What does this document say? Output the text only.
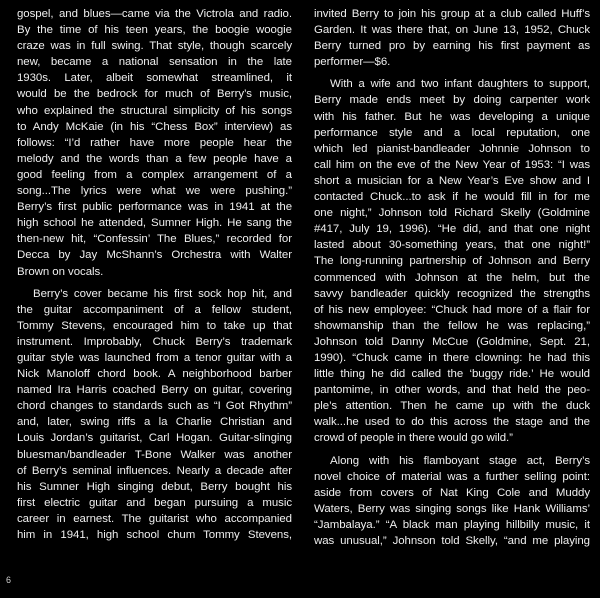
gospel, and blues—came via the Victrola and radio.
By the time of his teen years, the boogie woogie
craze was in full swing. That style, though scarcely
new, became a national sensation in the late
1930s. Later, albeit somewhat streamlined, it
would be the bedrock for much of Berry’s music,
who explained the structural simplicity of his songs
to Andy McKaie (in his “Chess Box” interview) as
follows: “I’d rather have more people hear the
melody and the words than a few people have a
good feeling from a complex arrangement of a
song...The lyrics were what we were pushing.”
Berry’s first public performance was in 1941 at the
high school he attended, Sumner High. He sang the
then-new hit, “Confessin’ The Blues,” recorded for
Decca by Jay McShann’s Orchestra with Walter
Brown on vocals.
Berry’s cover became his first sock hop hit, and
the guitar accompaniment of a fellow student,
Tommy Stevens, encouraged him to take up that
instrument. Improbably, Chuck Berry’s trademark
guitar style was launched from a tenor guitar with a
Nick Manoloff chord book. A neighborhood barber
named Ira Harris coached Berry on guitar, covering
chord changes to standards such as “I Got Rhythm”
and, later, swing riffs a la Charlie Christian and
Louis Jordan’s guitarist, Carl Hogan. Guitar-slinging
bluesman/bandleader T-Bone Walker was another
of Berry’s seminal influences. Nearly a decade after
his Sumner High singing debut, Berry bought his
first electric guitar and began pursuing a music
career in earnest. The guitarist who accompanied
him in 1941, high school chum Tommy Stevens,
invited Berry to join his group at a club called Huff’s
Garden. It was there that, on June 13, 1952, Chuck
Berry turned pro by earning his first payment as
performer—$6.
With a wife and two infant daughters to support,
Berry made ends meet by doing carpenter work
with his father. But he was developing a unique
performance style and a local reputation, one
which led pianist-bandleader Johnnie Johnson to
call him on the eve of the New Year of 1953: “I was
short a musician for a New Year’s Eve show and I
contacted Chuck...to ask if he would fill in for me
one night,” Johnson told Richard Skelly (Goldmine
#417, July 19, 1996). “He did, and that one night
lasted about 30-something years, that one night!”
The long-running partnership of Johnson and Berry
commenced with Johnson at the helm, but the
savvy bandleader quickly recognized the strengths
of his new employee: “Chuck had more of a flair for
showmanship than the fellow he was replacing,”
Johnson told Danny McCue (Goldmine, Sept. 21,
1990). “Chuck came in there clowning: he had this
little thing he did called the ‘buggy ride.’ He would
pantomime, in other words, and that held the peo-
ple’s attention. Then he came up with the duck
walk...he used to do this across the stage and the
crowd of people in there would go wild.”
Along with his flamboyant stage act, Berry’s
novel choice of material was a further selling point:
aside from covers of Nat King Cole and Muddy
Waters, Berry was singing songs like Hank Williams’
“Jambalaya.” “A black man playing hillbilly music, it
was unusual,” Johnson told Skelly, “and me playing
6
